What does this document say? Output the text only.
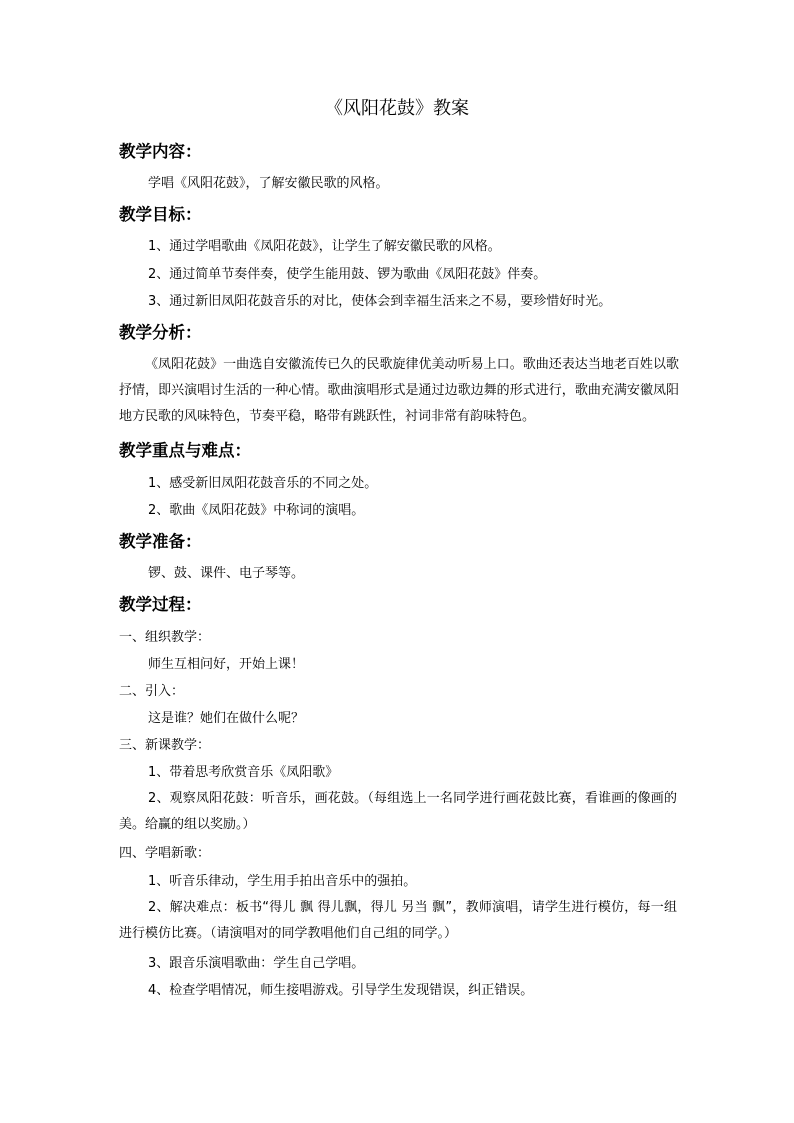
《风阳花鼓》教案
教学内容：

学唱《风阳花鼓》，了解安徽民歌的风格。

教学目标：

1、通过学唱歌曲《凤阳花鼓》，让学生了解安徽民歌的风格。

2、通过简单节奏伴奏，使学生能用鼓、锣为歌曲《凤阳花鼓》伴奏。

3、通过新旧凤阳花鼓音乐的对比，使体会到幸福生活来之不易，要珍惜好时光。

教学分析：

《凤阳花鼓》一曲选自安徽流传已久的民歌旋律优美动听易上口。歌曲还表达当地老百姓以歌抒情，即兴演唱讨生活的一种心情。歌曲演唱形式是通过边歌边舞的形式进行，歌曲充满安徽凤阳地方民歌的风味特色，节奏平稳，略带有跳跃性，衬词非常有韵味特色。

教学重点与难点：

1、感受新旧凤阳花鼓音乐的不同之处。

2、歌曲《凤阳花鼓》中称词的演唱。

教学准备：

锣、鼓、课件、电子琴等。

教学过程：

一、组织教学：

师生互相问好，开始上课！

二、引入：

这是谁？她们在做什么呢？

三、新课教学：

1、带着思考欣赏音乐《凤阳歌》

2、观察凤阳花鼓：听音乐，画花鼓。（每组选上一名同学进行画花鼓比赛，看谁画的像画的美。给赢的组以奖励。）

四、学唱新歌：

1、听音乐律动，学生用手拍出音乐中的强拍。

2、解决难点：板书“得儿 飘 得儿飘，得儿 另当 飘”，教师演唱，请学生进行模仿，每一组进行模仿比赛。（请演唱对的同学教唱他们自己组的同学。）

3、跟音乐演唱歌曲：学生自己学唱。

4、检查学唱情况，师生接唱游戏。引导学生发现错误，纠正错误。
